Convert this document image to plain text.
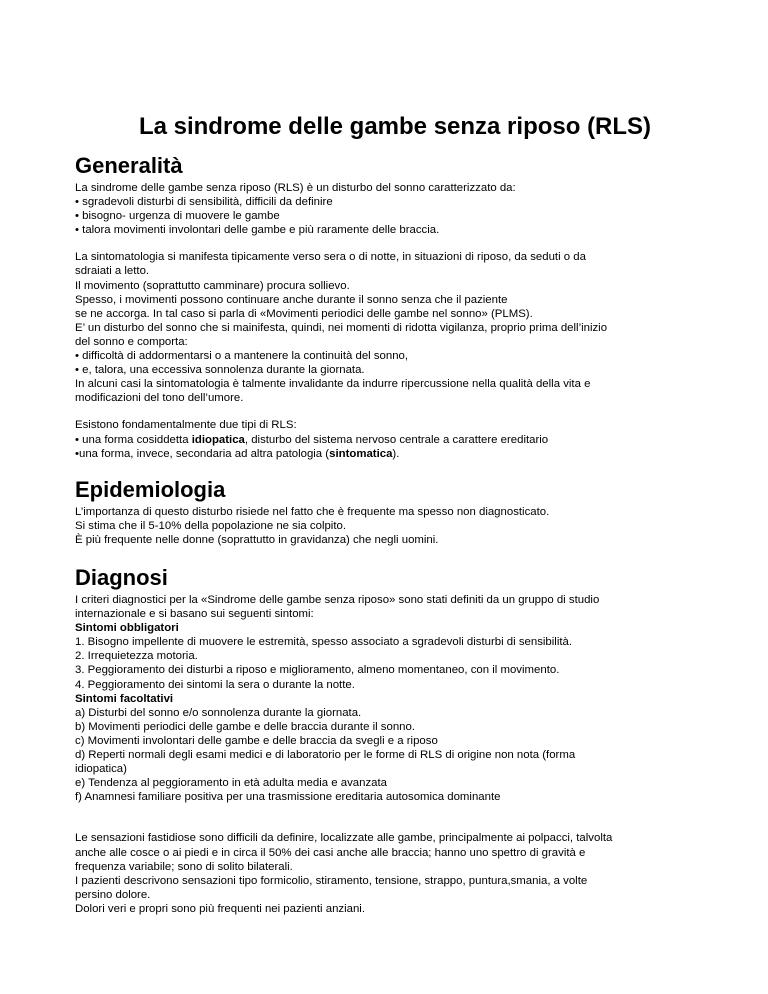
La sindrome delle gambe senza riposo (RLS)
Generalità

La sindrome delle gambe senza riposo (RLS) è un disturbo del sonno caratterizzato da:

• sgradevoli disturbi di sensibilità, difficili da definire

• bisogno- urgenza di muovere le gambe

• talora movimenti involontari delle gambe e più raramente delle braccia.

La sintomatologia si manifesta tipicamente verso sera o di notte, in situazioni di riposo, da seduti o da

sdraiati a letto.

Il movimento (soprattutto camminare) procura sollievo.

Spesso, i movimenti possono continuare anche durante il sonno senza che il paziente

se ne accorga. In tal caso si parla di «Movimenti periodici delle gambe nel sonno» (PLMS).

E’ un disturbo del sonno che si mainifesta, quindi, nei momenti di ridotta vigilanza, proprio prima dell’inizio

del sonno e comporta:

• difficoltà di addormentarsi o a mantenere la continuità del sonno,

• e, talora, una eccessiva sonnolenza durante la giornata.

In alcuni casi la sintomatologia è talmente invalidante da indurre ripercussione nella qualità della vita e

modificazioni del tono dell’umore.

Esistono fondamentalmente due tipi di RLS:

• una forma cosiddetta idiopatica, disturbo del sistema nervoso centrale a carattere ereditario

•una forma, invece, secondaria ad altra patologia (sintomatica).

Epidemiologia

L’importanza di questo disturbo risiede nel fatto che è frequente ma spesso non diagnosticato.

Si stima che il 5-10% della popolazione ne sia colpito.

È più frequente nelle donne (soprattutto in gravidanza) che negli uomini.

Diagnosi

I criteri diagnostici per la «Sindrome delle gambe senza riposo» sono stati definiti da un gruppo di studio

internazionale e si basano sui seguenti sintomi:

Sintomi obbligatori

1. Bisogno impellente di muovere le estremità, spesso associato a sgradevoli disturbi di sensibilità.

2. Irrequietezza motoria.

3. Peggioramento dei disturbi a riposo e miglioramento, almeno momentaneo, con il movimento.

4. Peggioramento dei sintomi la sera o durante la notte.

Sintomi facoltativi

a) Disturbi del sonno e/o sonnolenza durante la giornata.

b) Movimenti periodici delle gambe e delle braccia durante il sonno.

c) Movimenti involontari delle gambe e delle braccia da svegli e a riposo

d) Reperti normali degli esami medici e di laboratorio per le forme di RLS di origine non nota (forma

idiopatica)

e) Tendenza al peggioramento in età adulta media e avanzata

f) Anamnesi familiare positiva per una trasmissione ereditaria autosomica dominante

Le sensazioni fastidiose sono difficili da definire, localizzate alle gambe, principalmente ai polpacci, talvolta

anche alle cosce o ai piedi e in circa il 50% dei casi anche alle braccia; hanno uno spettro di gravità e

frequenza variabile; sono di solito bilaterali.

I pazienti descrivono sensazioni tipo formicolio, stiramento, tensione, strappo, puntura,smania, a volte

persino dolore.

Dolori veri e propri sono più frequenti nei pazienti anziani.
